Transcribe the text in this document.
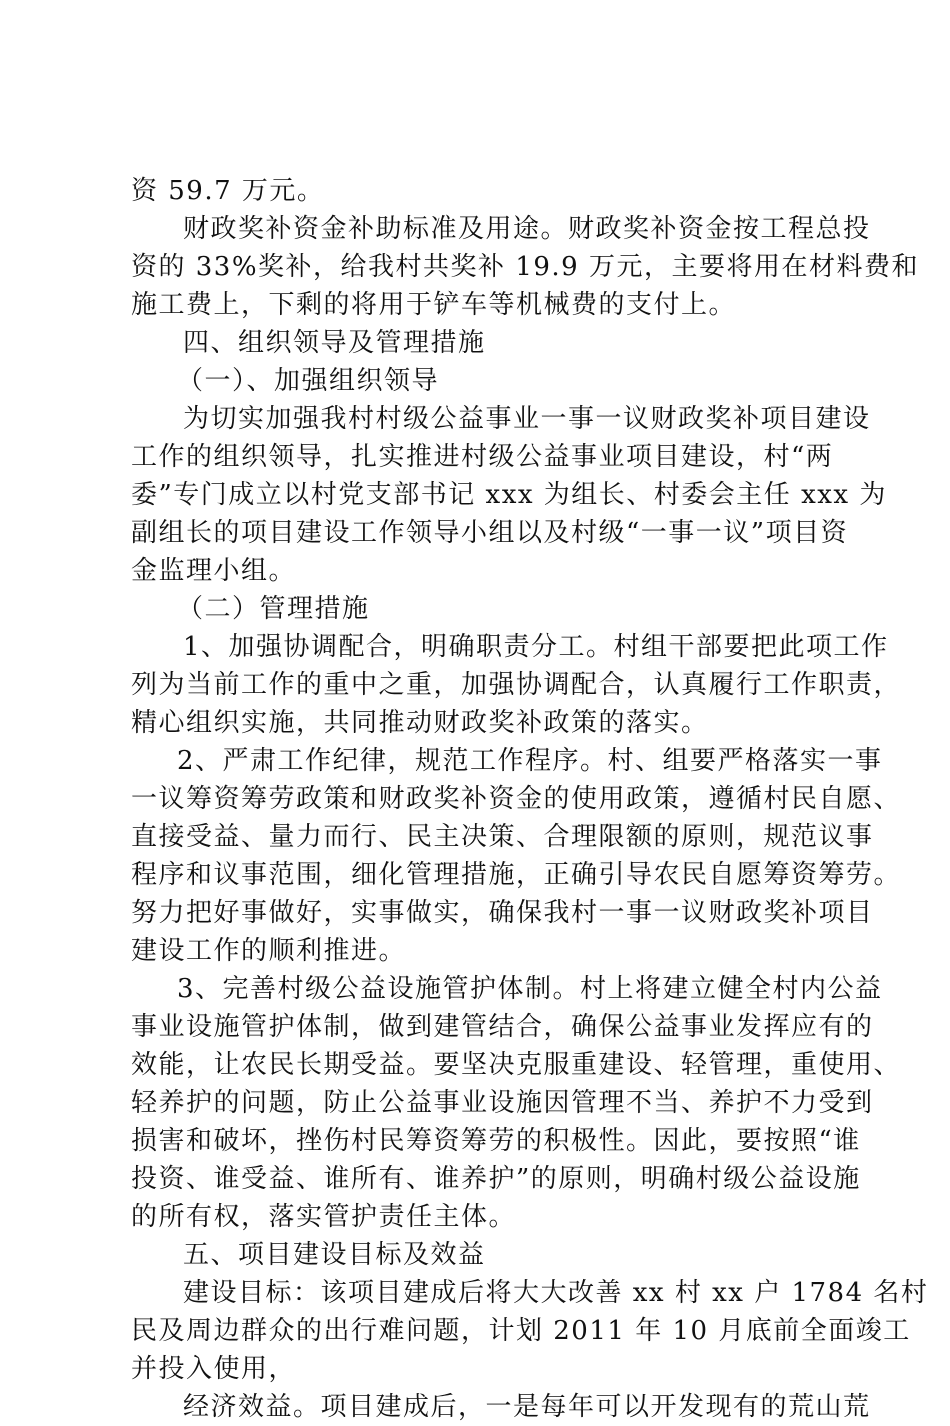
资 59.7 万元。
财政奖补资金补助标准及用途。财政奖补资金按工程总投
资的 33%奖补，给我村共奖补 19.9 万元，主要将用在材料费和
施工费上，下剩的将用于铲车等机械费的支付上。
四、组织领导及管理措施
（一）、加强组织领导
为切实加强我村村级公益事业一事一议财政奖补项目建设
工作的组织领导，扎实推进村级公益事业项目建设，村“两
委”专门成立以村党支部书记 xxx 为组长、村委会主任 xxx 为
副组长的项目建设工作领导小组以及村级“一事一议”项目资
金监理小组。
（二）管理措施
1、加强协调配合，明确职责分工。村组干部要把此项工作
列为当前工作的重中之重，加强协调配合，认真履行工作职责，
精心组织实施，共同推动财政奖补政策的落实。
2、严肃工作纪律，规范工作程序。村、组要严格落实一事
一议筹资筹劳政策和财政奖补资金的使用政策，遵循村民自愿、
直接受益、量力而行、民主决策、合理限额的原则，规范议事
程序和议事范围，细化管理措施，正确引导农民自愿筹资筹劳。
努力把好事做好，实事做实，确保我村一事一议财政奖补项目
建设工作的顺利推进。
3、完善村级公益设施管护体制。村上将建立健全村内公益
事业设施管护体制，做到建管结合，确保公益事业发挥应有的
效能，让农民长期受益。要坚决克服重建设、轻管理，重使用、
轻养护的问题，防止公益事业设施因管理不当、养护不力受到
损害和破坏，挫伤村民筹资筹劳的积极性。因此，要按照“谁
投资、谁受益、谁所有、谁养护”的原则，明确村级公益设施
的所有权，落实管护责任主体。
五、项目建设目标及效益
建设目标：该项目建成后将大大改善 xx 村 xx 户 1784 名村
民及周边群众的出行难问题，计划 2011 年 10 月底前全面竣工
并投入使用，
经济效益。项目建成后，一是每年可以开发现有的荒山荒
